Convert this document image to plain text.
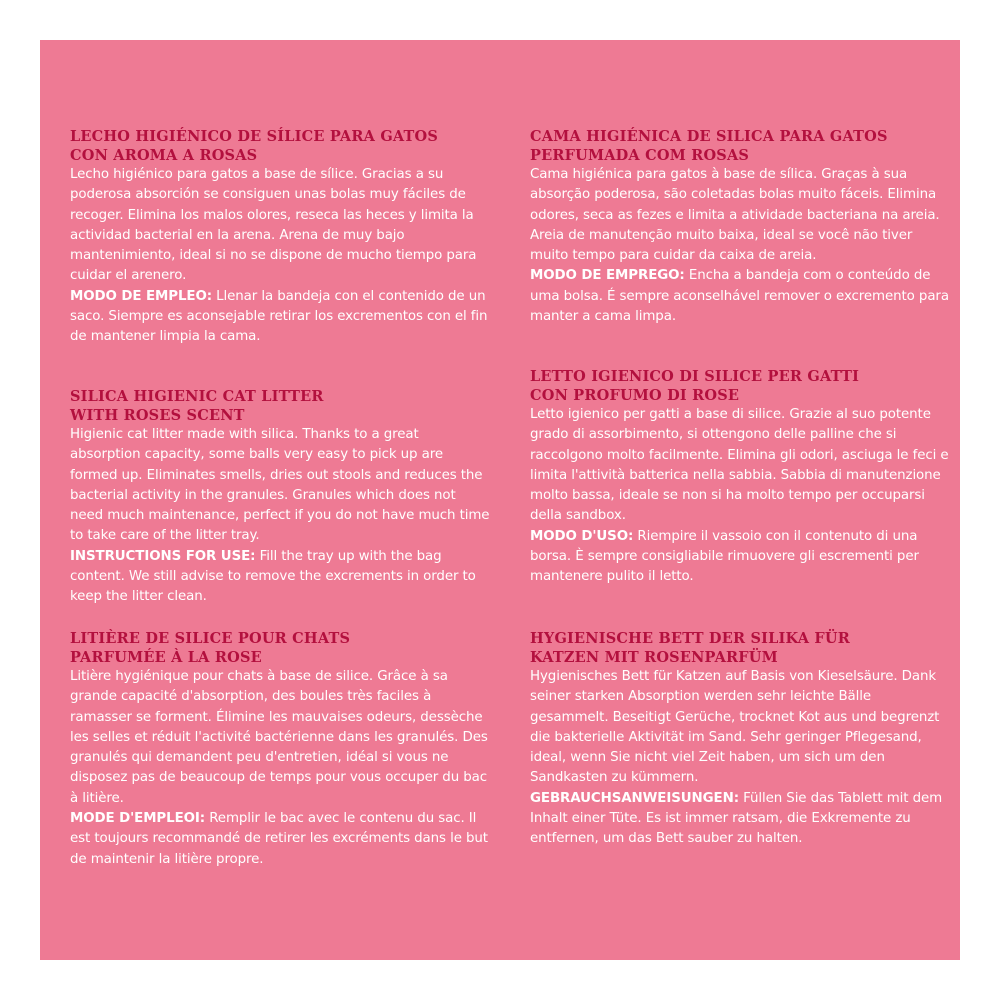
LECHO HIGIÉNICO DE SÍLICE PARA GATOS
CON AROMA A ROSAS

Lecho higiénico para gatos a base de sílice. Gracias a su poderosa absorción se consiguen unas bolas muy fáciles de recoger. Elimina los malos olores, reseca las heces y limita la actividad bacterial en la arena. Arena de muy bajo mantenimiento, ideal si no se dispone de mucho tiempo para cuidar el arenero.
MODO DE EMPLEO: Llenar la bandeja con el contenido de un saco. Siempre es aconsejable retirar los excrementos con el fin de mantener limpia la cama.

SILICA HIGIENIC CAT LITTER
WITH ROSES SCENT

Higienic cat litter made with silica. Thanks to a great absorption capacity, some balls very easy to pick up are formed up. Eliminates smells, dries out stools and reduces the bacterial activity in the granules. Granules which does not need much maintenance, perfect if you do not have much time to take care of the litter tray.
INSTRUCTIONS FOR USE: Fill the tray up with the bag content. We still advise to remove the excrements in order to keep the litter clean.

LITIÈRE DE SILICE POUR CHATS
PARFUMÉE À LA ROSE

Litière hygiénique pour chats à base de silice. Grâce à sa grande capacité d'absorption, des boules très faciles à ramasser se forment. Élimine les mauvaises odeurs, dessèche les selles et réduit l'activité bactérienne dans les granulés. Des granulés qui demandent peu d'entretien, idéal si vous ne disposez pas de beaucoup de temps pour vous occuper du bac à litière.
MODE D'EMPLEOI: Remplir le bac avec le contenu du sac. Il est toujours recommandé de retirer les excréments dans le but de maintenir la litière propre.

CAMA HIGIÉNICA DE SILICA PARA GATOS
PERFUMADA COM ROSAS

Cama higiénica para gatos à base de sílica. Graças à sua absorção poderosa, são coletadas bolas muito fáceis. Elimina odores, seca as fezes e limita a atividade bacteriana na areia. Areia de manutenção muito baixa, ideal se você não tiver muito tempo para cuidar da caixa de areia.
MODO DE EMPREGO: Encha a bandeja com o conteúdo de uma bolsa. É sempre aconselhável remover o excremento para manter a cama limpa.

LETTO IGIENICO DI SILICE PER GATTI
CON PROFUMO DI ROSE

Letto igienico per gatti a base di silice. Grazie al suo potente grado di assorbimento, si ottengono delle palline che si raccolgono molto facilmente. Elimina gli odori, asciuga le feci e limita l'attività batterica nella sabbia. Sabbia di manutenzione molto bassa, ideale se non si ha molto tempo per occuparsi della sandbox.
MODO D'USO: Riempire il vassoio con il contenuto di una borsa. È sempre consigliabile rimuovere gli escrementi per mantenere pulito il letto.

HYGIENISCHE BETT DER SILIKA FÜR
KATZEN MIT ROSENPARFÜM

Hygienisches Bett für Katzen auf Basis von Kieselsäure. Dank seiner starken Absorption werden sehr leichte Bälle gesammelt. Beseitigt Gerüche, trocknet Kot aus und begrenzt die bakterielle Aktivität im Sand. Sehr geringer Pflegesand, ideal, wenn Sie nicht viel Zeit haben, um sich um den Sandkasten zu kümmern.
GEBRAUCHSANWEISUNGEN: Füllen Sie das Tablett mit dem Inhalt einer Tüte. Es ist immer ratsam, die Exkremente zu entfernen, um das Bett sauber zu halten.
